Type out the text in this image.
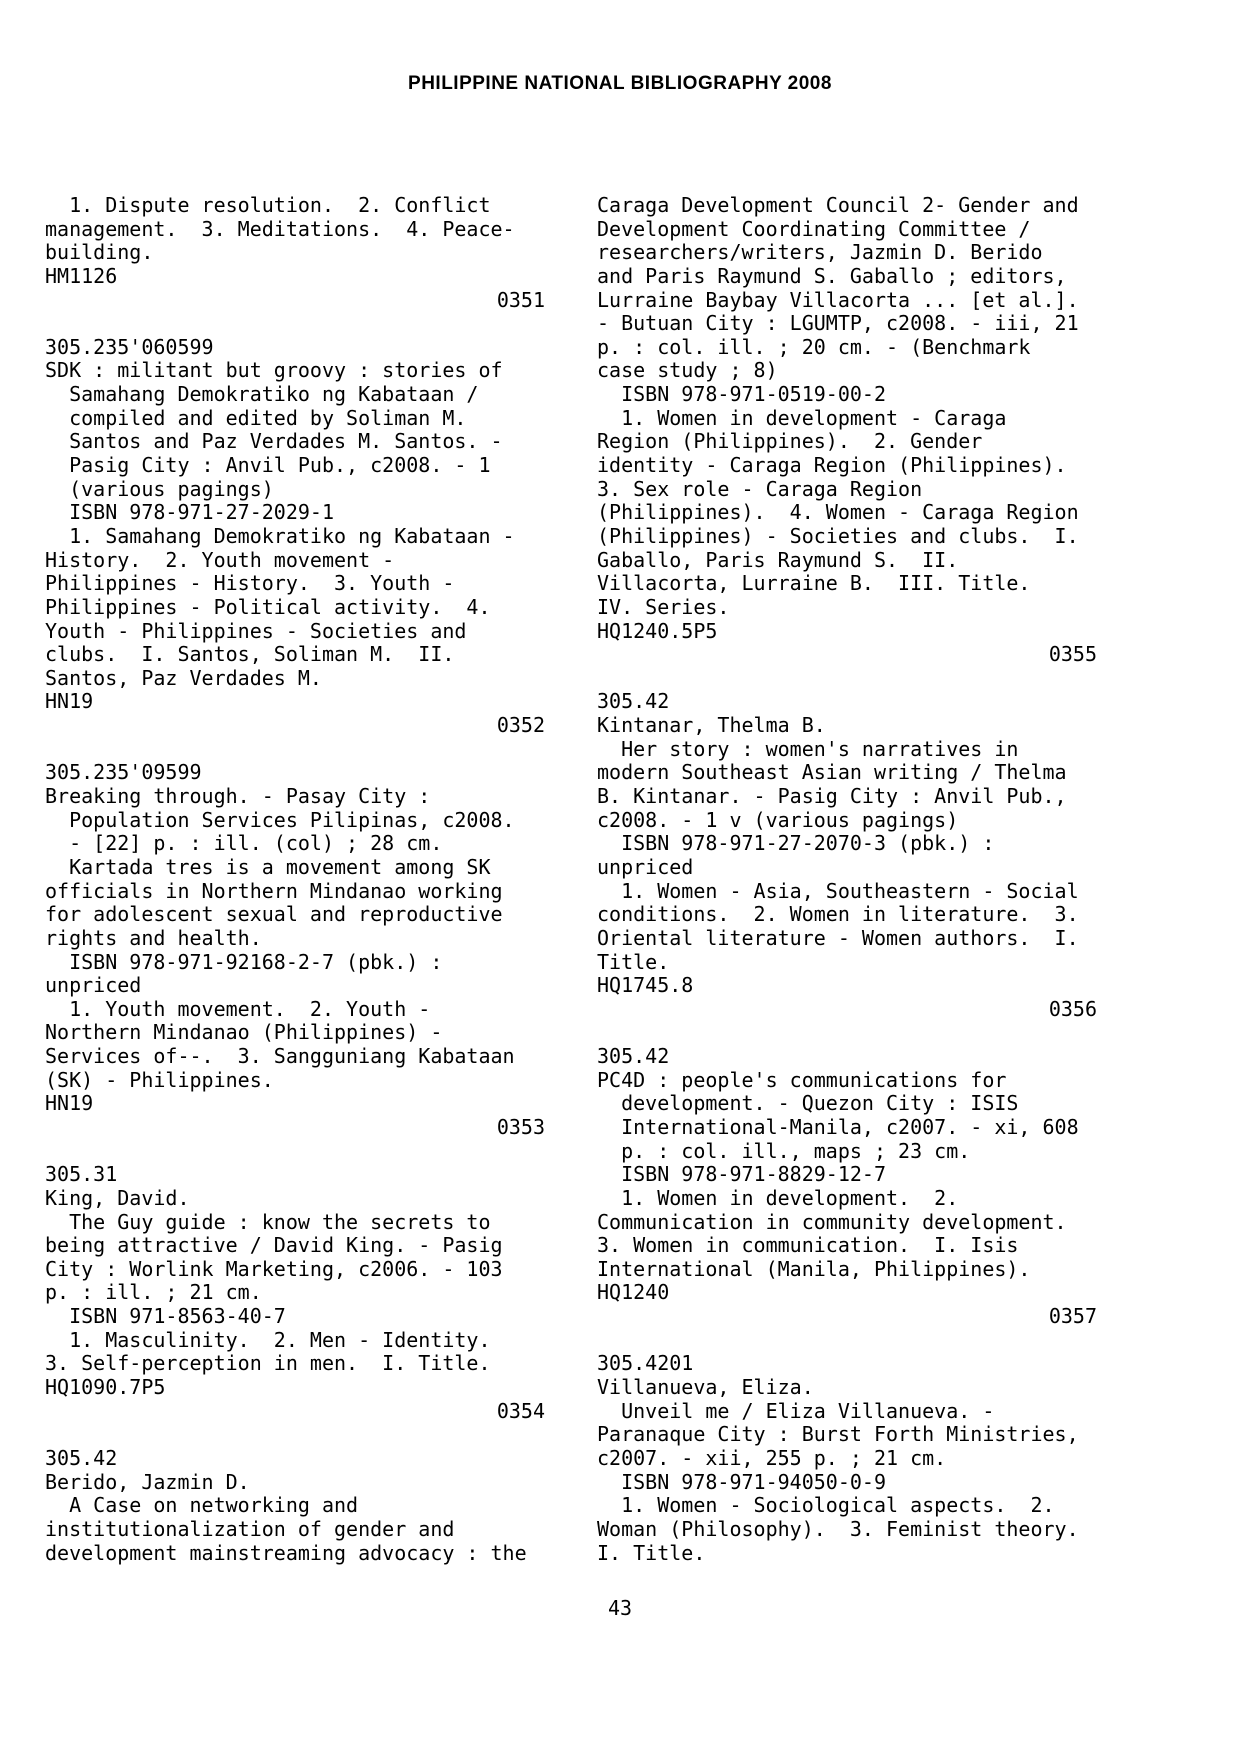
PHILIPPINE NATIONAL BIBLIOGRAPHY 2008
1. Dispute resolution.  2. Conflict
management.  3. Meditations.  4. Peace-
building.
HM1126
0351
305.235'060599
SDK : militant but groovy : stories of
Samahang Demokratiko ng Kabataan /
compiled and edited by Soliman M.
Santos and Paz Verdades M. Santos. -
Pasig City : Anvil Pub., c2008. - 1
(various pagings)
ISBN 978-971-27-2029-1
1. Samahang Demokratiko ng Kabataan -
History.  2. Youth movement -
Philippines - History.  3. Youth -
Philippines - Political activity.  4.
Youth - Philippines - Societies and
clubs.  I. Santos, Soliman M.  II.
Santos, Paz Verdades M.
HN19
0352
305.235'09599
Breaking through. - Pasay City :
Population Services Pilipinas, c2008.
- [22] p. : ill. (col) ; 28 cm.
Kartada tres is a movement among SK
officials in Northern Mindanao working
for adolescent sexual and reproductive
rights and health.
ISBN 978-971-92168-2-7 (pbk.) :
unpriced
1. Youth movement.  2. Youth -
Northern Mindanao (Philippines) -
Services of--.  3. Sangguniang Kabataan
(SK) - Philippines.
HN19
0353
305.31
King, David.
The Guy guide : know the secrets to
being attractive / David King. - Pasig
City : Worlink Marketing, c2006. - 103
p. : ill. ; 21 cm.
ISBN 971-8563-40-7
1. Masculinity.  2. Men - Identity.
3. Self-perception in men.  I. Title.
HQ1090.7P5
0354
305.42
Berido, Jazmin D.
A Case on networking and
institutionalization of gender and
development mainstreaming advocacy : the
Caraga Development Council 2- Gender and
Development Coordinating Committee /
researchers/writers, Jazmin D. Berido
and Paris Raymund S. Gaballo ; editors,
Lurraine Baybay Villacorta ... [et al.].
- Butuan City : LGUMTP, c2008. - iii, 21
p. : col. ill. ; 20 cm. - (Benchmark
case study ; 8)
ISBN 978-971-0519-00-2
1. Women in development - Caraga
Region (Philippines).  2. Gender
identity - Caraga Region (Philippines).
3. Sex role - Caraga Region
(Philippines).  4. Women - Caraga Region
(Philippines) - Societies and clubs.  I.
Gaballo, Paris Raymund S.  II.
Villacorta, Lurraine B.  III. Title.
IV. Series.
HQ1240.5P5
0355
305.42
Kintanar, Thelma B.
Her story : women's narratives in
modern Southeast Asian writing / Thelma
B. Kintanar. - Pasig City : Anvil Pub.,
c2008. - 1 v (various pagings)
ISBN 978-971-27-2070-3 (pbk.) :
unpriced
1. Women - Asia, Southeastern - Social
conditions.  2. Women in literature.  3.
Oriental literature - Women authors.  I.
Title.
HQ1745.8
0356
305.42
PC4D : people's communications for
development. - Quezon City : ISIS
International-Manila, c2007. - xi, 608
p. : col. ill., maps ; 23 cm.
ISBN 978-971-8829-12-7
1. Women in development.  2.
Communication in community development.
3. Women in communication.  I. Isis
International (Manila, Philippines).
HQ1240
0357
305.4201
Villanueva, Eliza.
Unveil me / Eliza Villanueva. -
Paranaque City : Burst Forth Ministries,
c2007. - xii, 255 p. ; 21 cm.
ISBN 978-971-94050-0-9
1. Women - Sociological aspects.  2.
Woman (Philosophy).  3. Feminist theory.
I. Title.
43
